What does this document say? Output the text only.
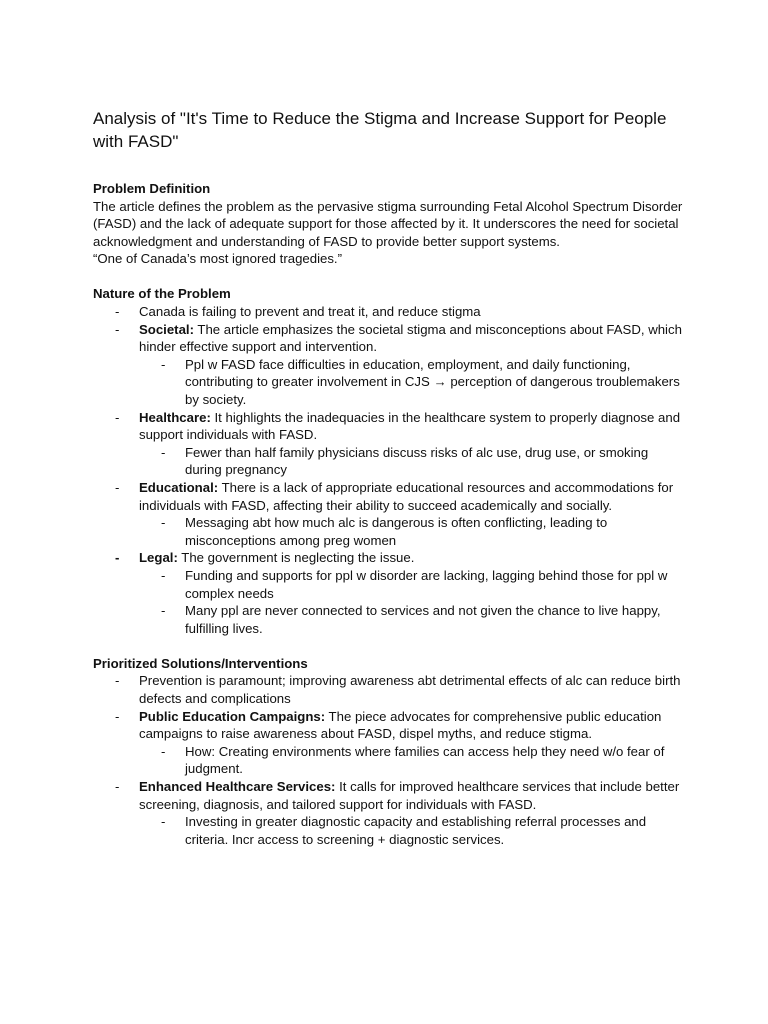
Analysis of "It's Time to Reduce the Stigma and Increase Support for People with FASD"
Problem Definition

The article defines the problem as the pervasive stigma surrounding Fetal Alcohol Spectrum Disorder (FASD) and the lack of adequate support for those affected by it. It underscores the need for societal acknowledgment and understanding of FASD to provide better support systems.

“One of Canada’s most ignored tragedies.”

Nature of the Problem
- Canada is failing to prevent and treat it, and reduce stigma
- Societal: The article emphasizes the societal stigma and misconceptions about FASD, which hinder effective support and intervention.
- Ppl w FASD face difficulties in education, employment, and daily functioning, contributing to greater involvement in CJS → perception of dangerous troublemakers by society.
- Healthcare: It highlights the inadequacies in the healthcare system to properly diagnose and support individuals with FASD.
- Fewer than half family physicians discuss risks of alc use, drug use, or smoking during pregnancy
- Educational: There is a lack of appropriate educational resources and accommodations for individuals with FASD, affecting their ability to succeed academically and socially.
- Messaging abt how much alc is dangerous is often conflicting, leading to misconceptions among preg women
- Legal: The government is neglecting the issue.
- Funding and supports for ppl w disorder are lacking, lagging behind those for ppl w complex needs
- Many ppl are never connected to services and not given the chance to live happy, fulfilling lives.
Prioritized Solutions/Interventions
- Prevention is paramount; improving awareness abt detrimental effects of alc can reduce birth defects and complications
- Public Education Campaigns: The piece advocates for comprehensive public education campaigns to raise awareness about FASD, dispel myths, and reduce stigma.
- How: Creating environments where families can access help they need w/o fear of judgment.
- Enhanced Healthcare Services: It calls for improved healthcare services that include better screening, diagnosis, and tailored support for individuals with FASD.
- Investing in greater diagnostic capacity and establishing referral processes and criteria. Incr access to screening + diagnostic services.
